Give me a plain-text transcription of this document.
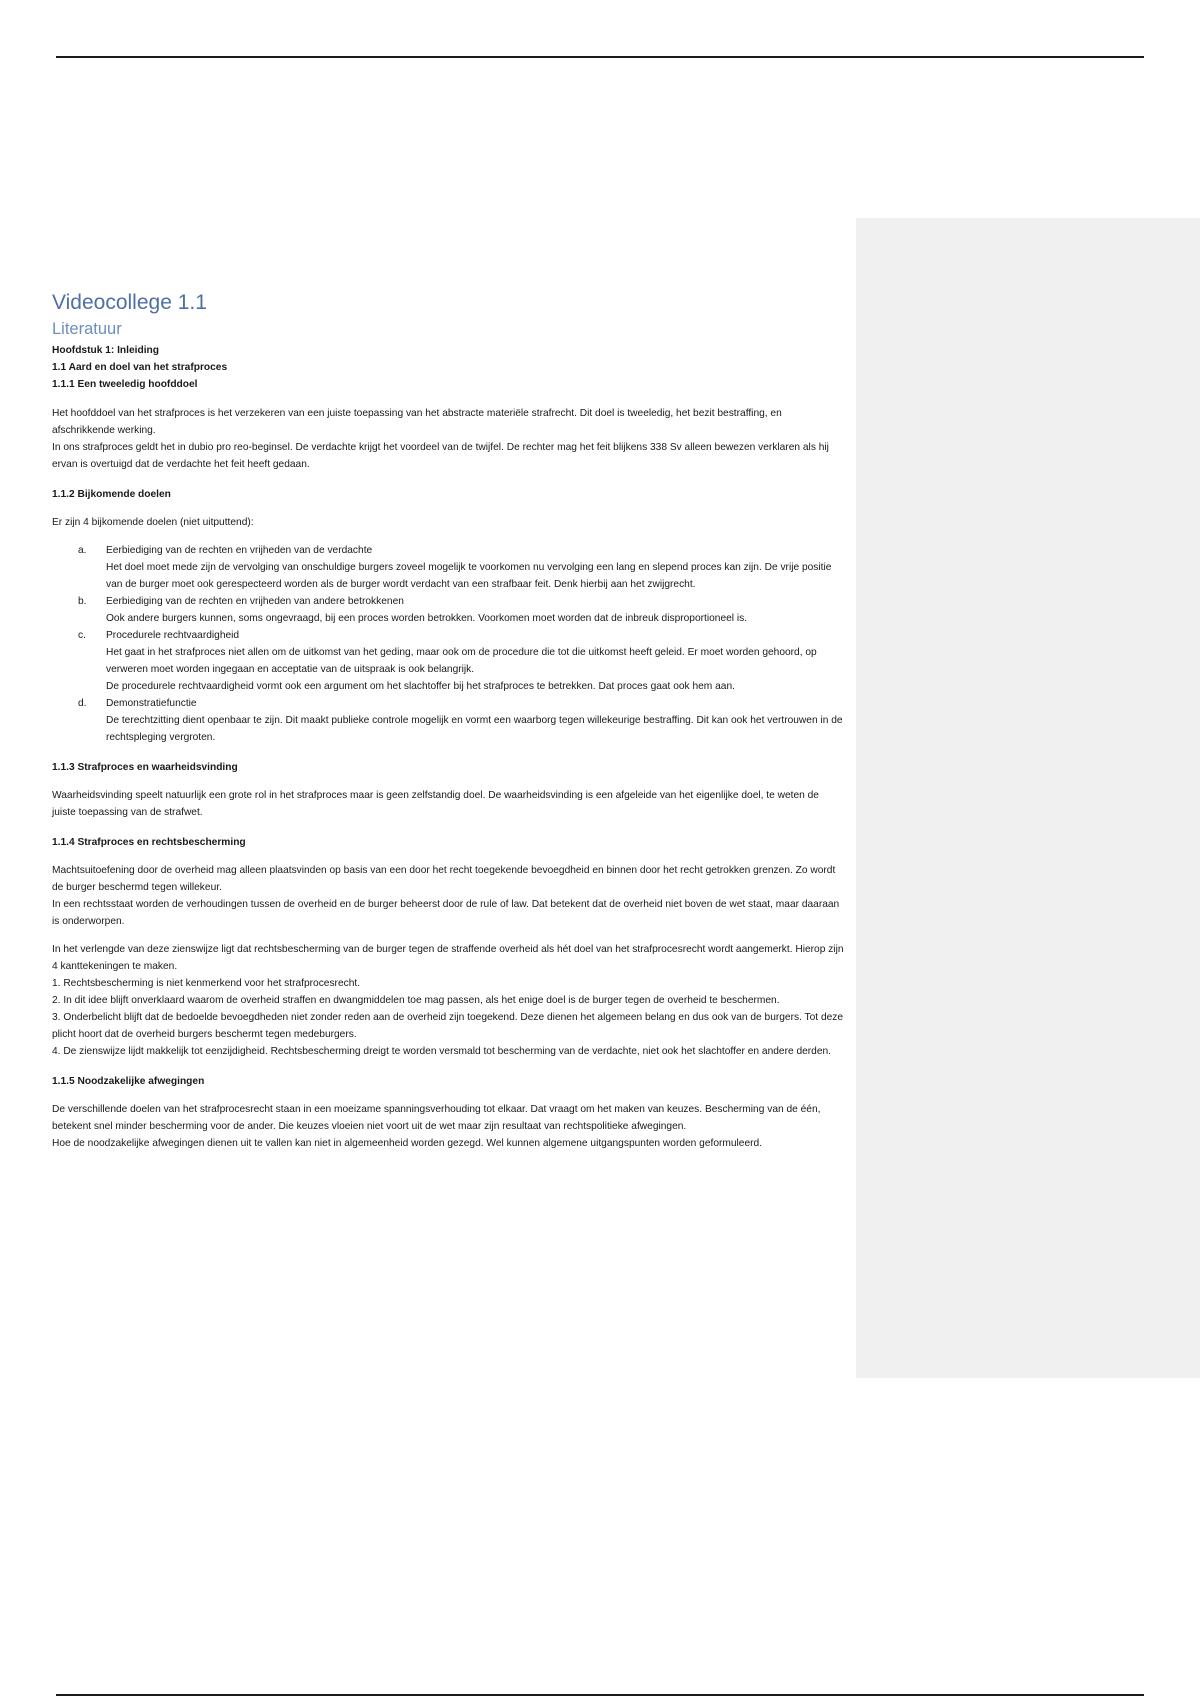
Videocollege 1.1
Literatuur

Hoofdstuk 1: Inleiding

1.1 Aard en doel van het strafproces

1.1.1 Een tweeledig hoofddoel

Het hoofddoel van het strafproces is het verzekeren van een juiste toepassing van het abstracte materiële strafrecht. Dit doel is tweeledig, het bezit bestraffing, en afschrikkende werking.

In ons strafproces geldt het in dubio pro reo-beginsel. De verdachte krijgt het voordeel van de twijfel. De rechter mag het feit blijkens 338 Sv alleen bewezen verklaren als hij ervan is overtuigd dat de verdachte het feit heeft gedaan.

1.1.2 Bijkomende doelen

Er zijn 4 bijkomende doelen (niet uitputtend):

a.	Eerbiediging van de rechten en vrijheden van de verdachte

Het doel moet mede zijn de vervolging van onschuldige burgers zoveel mogelijk te voorkomen nu vervolging een lang en slepend proces kan zijn. De vrije positie van de burger moet ook gerespecteerd worden als de burger wordt verdacht van een strafbaar feit. Denk hierbij aan het zwijgrecht.

b.	Eerbiediging van de rechten en vrijheden van andere betrokkenen

Ook andere burgers kunnen, soms ongevraagd, bij een proces worden betrokken. Voorkomen moet worden dat de inbreuk disproportioneel is.

c.	Procedurele rechtvaardigheid

Het gaat in het strafproces niet allen om de uitkomst van het geding, maar ook om de procedure die tot die uitkomst heeft geleid. Er moet worden gehoord, op verweren moet worden ingegaan en acceptatie van de uitspraak is ook belangrijk.

De procedurele rechtvaardigheid vormt ook een argument om het slachtoffer bij het strafproces te betrekken. Dat proces gaat ook hem aan.

d.	Demonstratiefunctie

De terechtzitting dient openbaar te zijn. Dit maakt publieke controle mogelijk en vormt een waarborg tegen willekeurige bestraffing. Dit kan ook het vertrouwen in de rechtspleging vergroten.

1.1.3 Strafproces en waarheidsvinding

Waarheidsvinding speelt natuurlijk een grote rol in het strafproces maar is geen zelfstandig doel. De waarheidsvinding is een afgeleide van het eigenlijke doel, te weten de juiste toepassing van de strafwet.

1.1.4 Strafproces en rechtsbescherming

Machtsuitoefening door de overheid mag alleen plaatsvinden op basis van een door het recht toegekende bevoegdheid en binnen door het recht getrokken grenzen. Zo wordt de burger beschermd tegen willekeur.

In een rechtsstaat worden de verhoudingen tussen de overheid en de burger beheerst door de rule of law. Dat betekent dat de overheid niet boven de wet staat, maar daaraan is onderworpen.

In het verlengde van deze zienswijze ligt dat rechtsbescherming van de burger tegen de straffende overheid als hét doel van het strafprocesrecht wordt aangemerkt. Hierop zijn 4 kanttekeningen te maken.

1. Rechtsbescherming is niet kenmerkend voor het strafprocesrecht.

2. In dit idee blijft onverklaard waarom de overheid straffen en dwangmiddelen toe mag passen, als het enige doel is de burger tegen de overheid te beschermen.

3. Onderbelicht blijft dat de bedoelde bevoegdheden niet zonder reden aan de overheid zijn toegekend. Deze dienen het algemeen belang en dus ook van de burgers. Tot deze plicht hoort dat de overheid burgers beschermt tegen medeburgers.

4. De zienswijze lijdt makkelijk tot eenzijdigheid. Rechtsbescherming dreigt te worden versmald tot bescherming van de verdachte, niet ook het slachtoffer en andere derden.

1.1.5 Noodzakelijke afwegingen

De verschillende doelen van het strafprocesrecht staan in een moeizame spanningsverhouding tot elkaar. Dat vraagt om het maken van keuzes. Bescherming van de één, betekent snel minder bescherming voor de ander. Die keuzes vloeien niet voort uit de wet maar zijn resultaat van rechtspolitieke afwegingen.

Hoe de noodzakelijke afwegingen dienen uit te vallen kan niet in algemeenheid worden gezegd. Wel kunnen algemene uitgangspunten worden geformuleerd.
